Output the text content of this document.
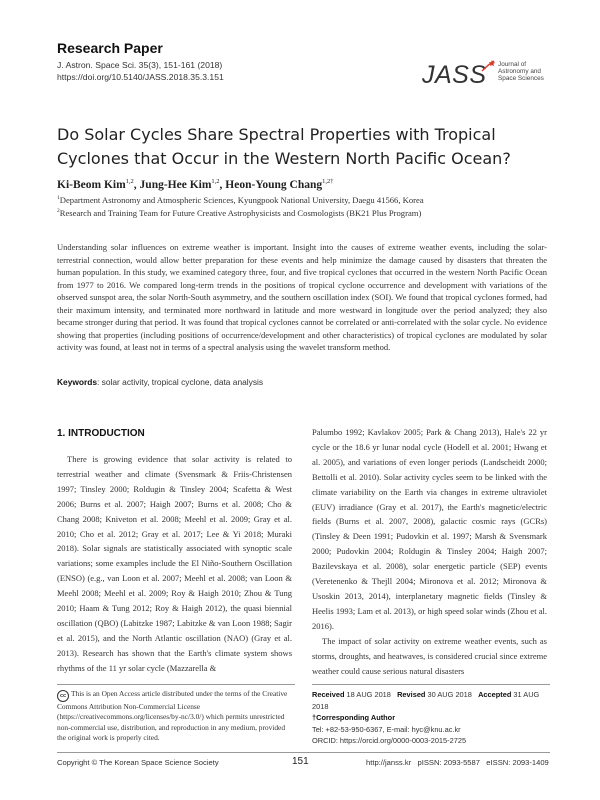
Research Paper
J. Astron. Space Sci. 35(3), 151-161 (2018)
https://doi.org/10.5140/JASS.2018.35.3.151	JASS Journal of
Astronomy and
Space Sciences
Do Solar Cycles Share Spectral Properties with Tropical Cyclones that Occur in the Western North Pacific Ocean?
Ki-Beom Kim$^{1,2}$, Jung-Hee Kim$^{1,2}$, Heon-Young Chang$^{1,2\dagger}$
$^1$Department Astronomy and Atmospheric Sciences, Kyungpook National University, Daegu 41566, Korea
$^2$Research and Training Team for Future Creative Astrophysicists and Cosmologists (BK21 Plus Program)
Understanding solar influences on extreme weather is important. Insight into the causes of extreme weather events, including the solar-terrestrial connection, would allow better preparation for these events and help minimize the damage caused by disasters that threaten the human population. In this study, we examined category three, four, and five tropical cyclones that occurred in the western North Pacific Ocean from 1977 to 2016. We compared long-term trends in the positions of tropical cyclone occurrence and development with variations of the observed sunspot area, the solar North-South asymmetry, and the southern oscillation index (SOI). We found that tropical cyclones formed, had their maximum intensity, and terminated more northward in latitude and more westward in longitude over the period analyzed; they also became stronger during that period. It was found that tropical cyclones cannot be correlated or anti-correlated with the solar cycle. No evidence showing that properties (including positions of occurrence/development and other characteristics) of tropical cyclones are modulated by solar activity was found, at least not in terms of a spectral analysis using the wavelet transform method.
Keywords: solar activity, tropical cyclone, data analysis
1. INTRODUCTION

There is growing evidence that solar activity is related to terrestrial weather and climate (Svensmark & Friis-Christensen 1997; Tinsley 2000; Roldugin & Tinsley 2004; Scafetta & West 2006; Burns et al. 2007; Haigh 2007; Burns et al. 2008; Cho & Chang 2008; Kniveton et al. 2008; Meehl et al. 2009; Gray et al. 2010; Cho et al. 2012; Gray et al. 2017; Lee & Yi 2018; Muraki 2018). Solar signals are statistically associated with synoptic scale variations; some examples include the El Niño-Southern Oscillation (ENSO) (e.g., van Loon et al. 2007; Meehl et al. 2008; van Loon & Meehl 2008; Meehl et al. 2009; Roy & Haigh 2010; Zhou & Tung 2010; Haam & Tung 2012; Roy & Haigh 2012), the quasi biennial oscillation (QBO) (Labitzke 1987; Labitzke & van Loon 1988; Sagir et al. 2015), and the North Atlantic oscillation (NAO) (Gray et al. 2013). Research has shown that the Earth's climate system shows rhythms of the 11 yr solar cycle (Mazzarella &

Palumbo 1992; Kavlakov 2005; Park & Chang 2013), Hale's 22 yr cycle or the 18.6 yr lunar nodal cycle (Hodell et al. 2001; Hwang et al. 2005), and variations of even longer periods (Landscheidt 2000; Bettolli et al. 2010). Solar activity cycles seem to be linked with the climate variability on the Earth via changes in extreme ultraviolet (EUV) irradiance (Gray et al. 2017), the Earth's magnetic/electric fields (Burns et al. 2007, 2008), galactic cosmic rays (GCRs) (Tinsley & Deen 1991; Pudovkin et al. 1997; Marsh & Svensmark 2000; Pudovkin 2004; Roldugin & Tinsley 2004; Haigh 2007; Bazilevskaya et al. 2008), solar energetic particle (SEP) events (Veretenenko & Thejll 2004; Mironova et al. 2012; Mironova & Usoskin 2013, 2014), interplanetary magnetic fields (Tinsley & Heelis 1993; Lam et al. 2013), or high speed solar winds (Zhou et al. 2016).

The impact of solar activity on extreme weather events, such as storms, droughts, and heatwaves, is considered crucial since extreme weather could cause serious natural disasters

cc This is an Open Access article distributed under the terms of the Creative Commons Attribution Non-Commercial License (https://creativecommons.org/licenses/by-nc/3.0/) which permits unrestricted non-commercial use, distribution, and reproduction in any medium, provided the original work is properly cited.
Received 18 AUG 2018 Revised 30 AUG 2018 Accepted 31 AUG 2018
†Corresponding Author
Tel: +82-53-950-6367, E-mail: hyc@knu.ac.kr
ORCID: https://orcid.org/0000-0003-2015-2725
Copyright © The Korean Space Science Society	151	http://janss.kr   pISSN: 2093-5587   eISSN: 2093-1409
